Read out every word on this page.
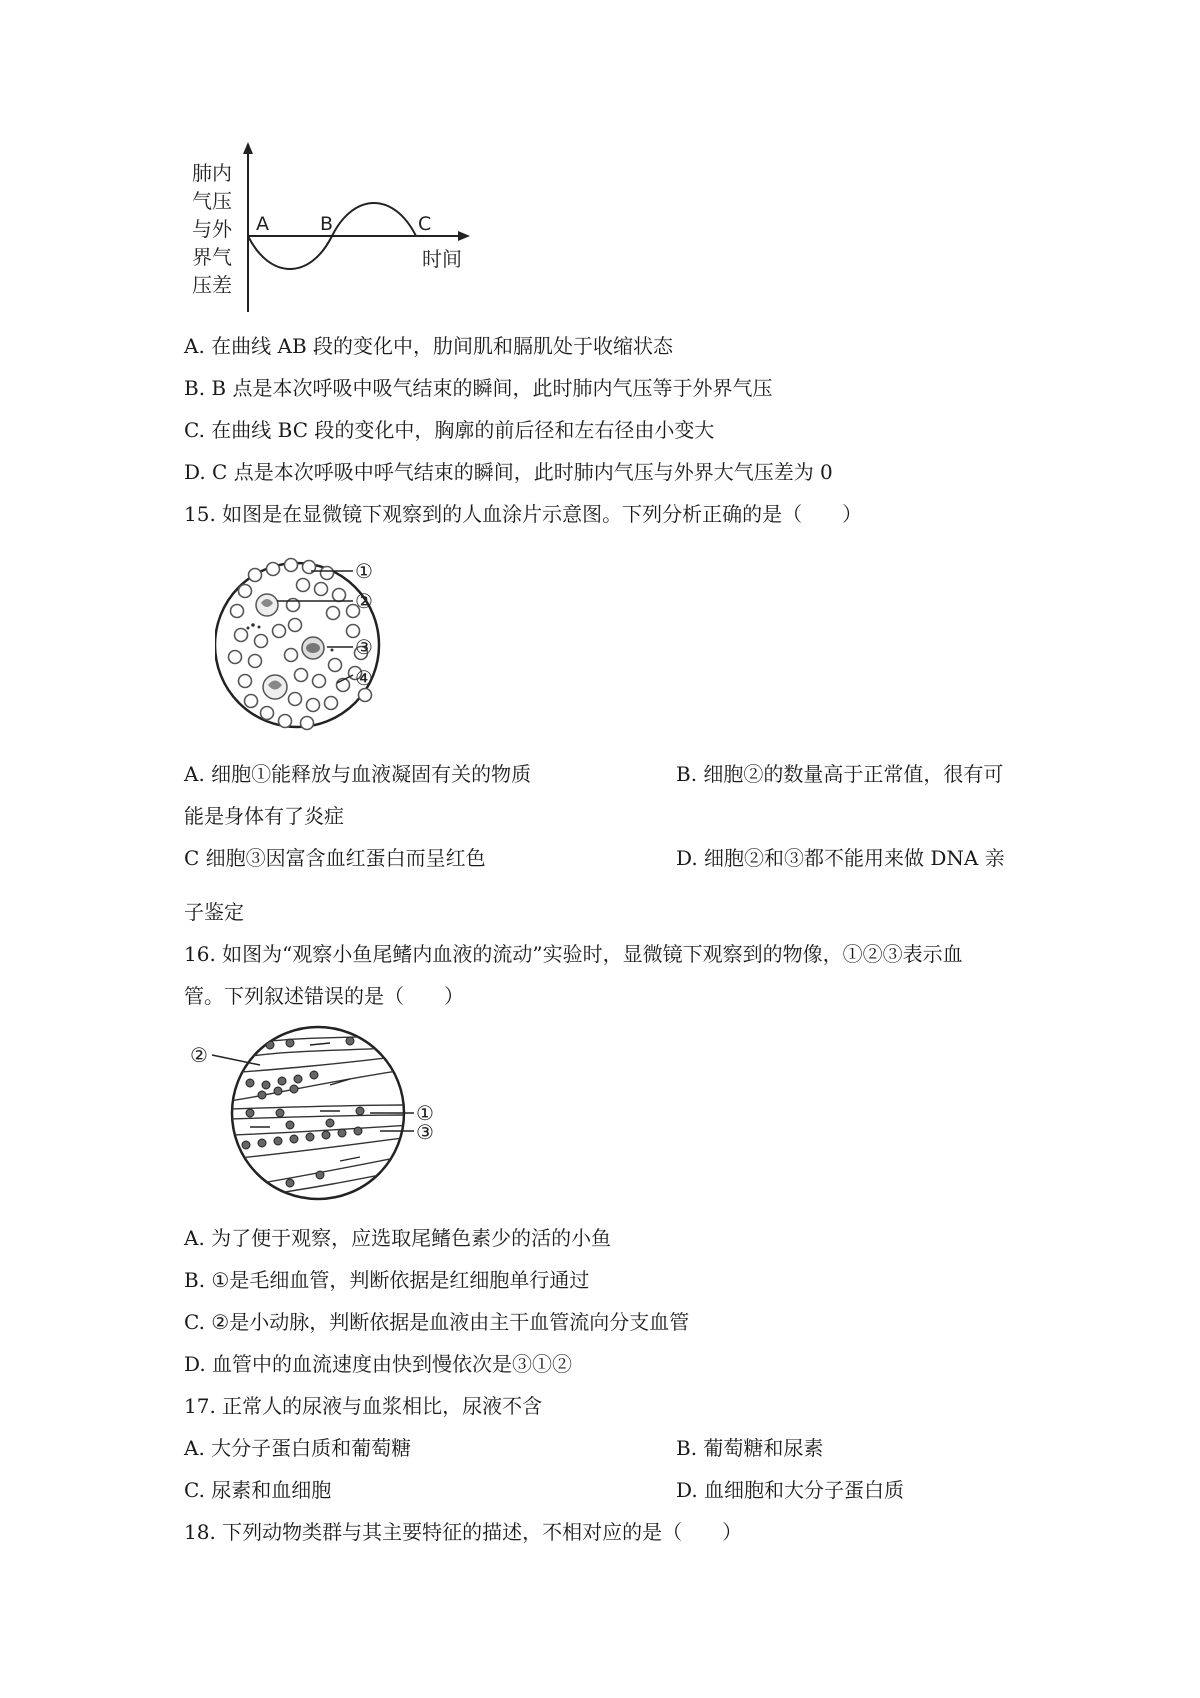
肺内
气压
与外
界气
压差
A	B	C
时间
A. 在曲线 AB 段的变化中，肋间肌和膈肌处于收缩状态
B. B 点是本次呼吸中吸气结束的瞬间，此时肺内气压等于外界气压
C. 在曲线 BC 段的变化中，胸廓的前后径和左右径由小变大
D. C 点是本次呼吸中呼气结束的瞬间，此时肺内气压与外界大气压差为 0
15. 如图是在显微镜下观察到的人血涂片示意图。下列分析正确的是（　　）
①
②
③
④
A. 细胞①能释放与血液凝固有关的物质	B. 细胞②的数量高于正常值，很有可
能是身体有了炎症
C 细胞③因富含血红蛋白而呈红色	D. 细胞②和③都不能用来做 DNA 亲
子鉴定
16. 如图为“观察小鱼尾鳍内血液的流动”实验时，显微镜下观察到的物像，①②③表示血
管。下列叙述错误的是（　　）
②
①
③
A. 为了便于观察，应选取尾鳍色素少的活的小鱼
B. ①是毛细血管，判断依据是红细胞单行通过
C. ②是小动脉，判断依据是血液由主干血管流向分支血管
D. 血管中的血流速度由快到慢依次是③①②
17. 正常人的尿液与血浆相比，尿液不含
A. 大分子蛋白质和葡萄糖	B. 葡萄糖和尿素
C. 尿素和血细胞	D. 血细胞和大分子蛋白质
18. 下列动物类群与其主要特征的描述，不相对应的是（　　）
